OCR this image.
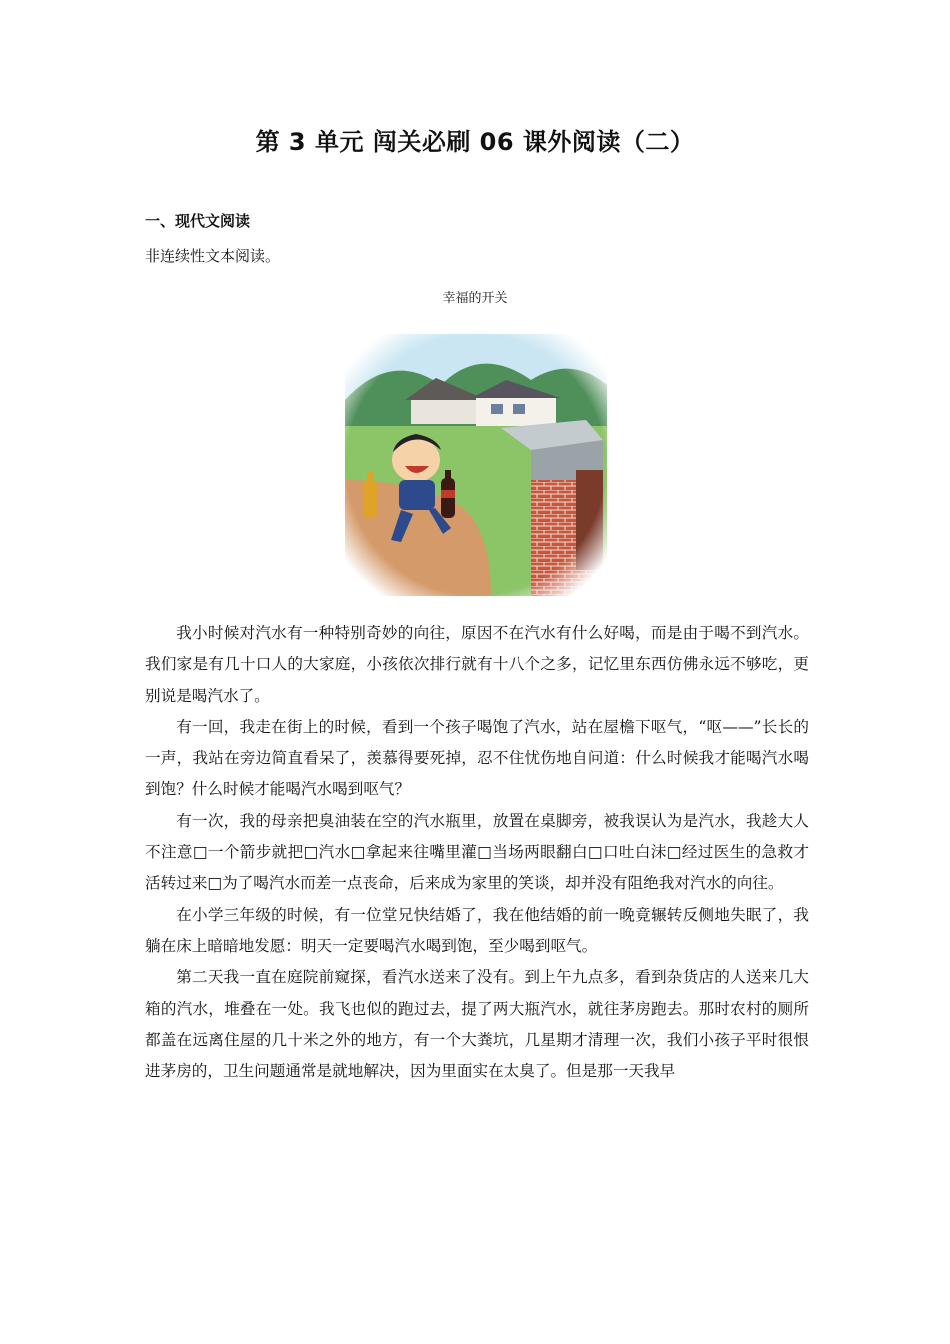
第 3 单元 闯关必刷 06 课外阅读（二）
一、现代文阅读
非连续性文本阅读。
幸福的开关

我小时候对汽水有一种特别奇妙的向往，原因不在汽水有什么好喝，而是由于喝不到汽水。我们家是有几十口人的大家庭，小孩依次排行就有十八个之多，记忆里东西仿佛永远不够吃，更别说是喝汽水了。

有一回，我走在街上的时候，看到一个孩子喝饱了汽水，站在屋檐下呕气，“呕——”长长的一声，我站在旁边简直看呆了，羡慕得要死掉，忍不住忧伤地自问道：什么时候我才能喝汽水喝到饱？什么时候才能喝汽水喝到呕气？

有一次，我的母亲把臭油装在空的汽水瓶里，放置在桌脚旁，被我误认为是汽水，我趁大人不注意□一个箭步就把□汽水□拿起来往嘴里灌□当场两眼翻白□口吐白沫□经过医生的急救才活转过来□为了喝汽水而差一点丧命，后来成为家里的笑谈，却并没有阻绝我对汽水的向往。

在小学三年级的时候，有一位堂兄快结婚了，我在他结婚的前一晚竟辗转反侧地失眠了，我躺在床上暗暗地发愿：明天一定要喝汽水喝到饱，至少喝到呕气。

第二天我一直在庭院前窥探，看汽水送来了没有。到上午九点多，看到杂货店的人送来几大箱的汽水，堆叠在一处。我飞也似的跑过去，提了两大瓶汽水，就往茅房跑去。那时农村的厕所都盖在远离住屋的几十米之外的地方，有一个大粪坑，几星期才清理一次，我们小孩子平时很恨进茅房的，卫生问题通常是就地解决，因为里面实在太臭了。但是那一天我早
